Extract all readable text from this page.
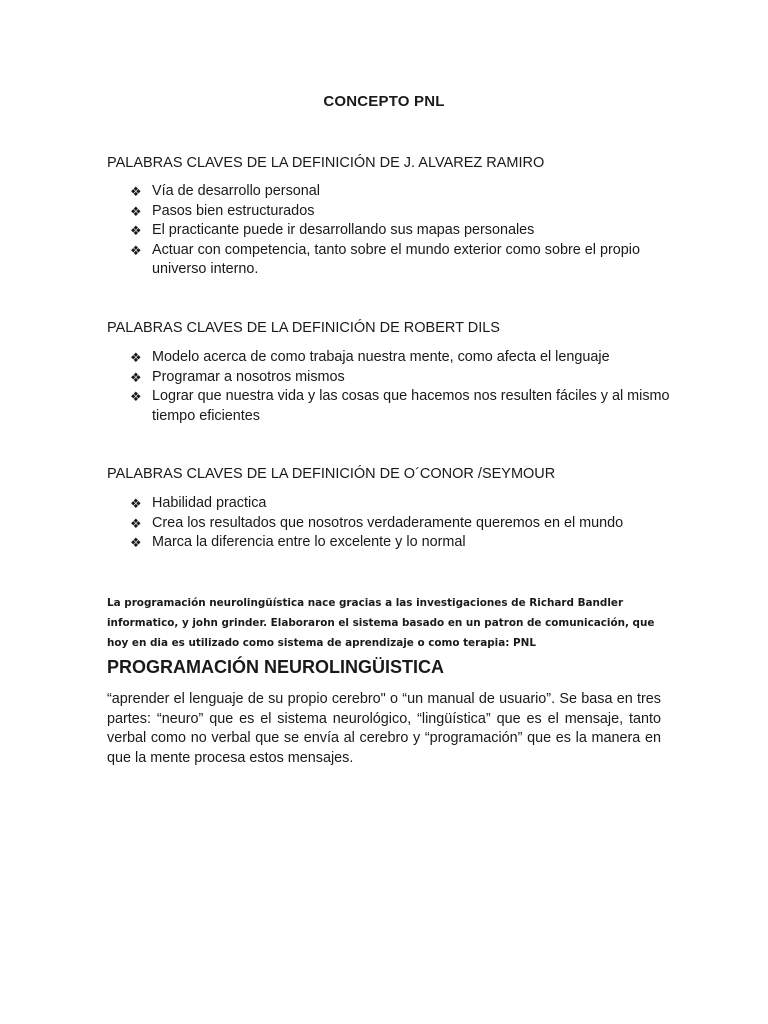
CONCEPTO PNL
PALABRAS CLAVES DE LA DEFINICIÓN DE J. ALVAREZ RAMIRO
❖ Vía de desarrollo personal
❖ Pasos bien estructurados
❖ El practicante puede ir desarrollando sus mapas personales
❖ Actuar con competencia, tanto sobre el mundo exterior como sobre el propio universo interno.
PALABRAS CLAVES DE LA DEFINICIÓN DE ROBERT DILS
❖ Modelo acerca de como trabaja nuestra mente, como afecta el lenguaje
❖ Programar a nosotros mismos
❖ Lograr que nuestra vida y las cosas que hacemos nos resulten fáciles y al mismo tiempo eficientes
PALABRAS CLAVES DE LA DEFINICIÓN DE O´CONOR /SEYMOUR
❖ Habilidad practica
❖ Crea los resultados que nosotros verdaderamente queremos en el mundo
❖ Marca la diferencia entre lo excelente y lo normal
La programación neurolingüística nace gracias a las investigaciones de Richard Bandler informatico, y john grinder. Elaboraron el sistema basado en un patron de comunicación, que hoy en dia es utilizado como sistema de aprendizaje o como terapia: PNL
PROGRAMACIÓN NEUROLINGÜISTICA
“aprender el lenguaje de su propio cerebro" o “un manual de usuario”. Se basa en tres partes: “neuro” que es el sistema neurológico, “lingüística” que es el mensaje, tanto verbal como no verbal que se envía al cerebro y “programación” que es la manera en que la mente procesa estos mensajes.
